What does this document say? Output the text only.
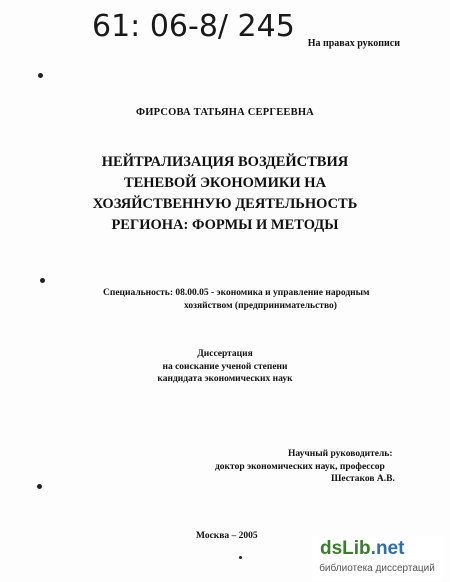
61: 06-8/ 245 На правах рукописи
ФИРСОВА ТАТЬЯНА СЕРГЕЕВНА
НЕЙТРАЛИЗАЦИЯ ВОЗДЕЙСТВИЯ
ТЕНЕВОЙ ЭКОНОМИКИ НА
ХОЗЯЙСТВЕННУЮ ДЕЯТЕЛЬНОСТЬ
РЕГИОНА: ФОРМЫ И МЕТОДЫ
Специальность: 08.00.05 - экономика и управление народным
хозяйством (предпринимательство)
Диссертация
на соискание ученой степени
кандидата экономических наук
Научный руководитель:
доктор экономических наук, профессор
Шестаков А.В.
Москва – 2005
dsLib.net
библиотека диссертаций
